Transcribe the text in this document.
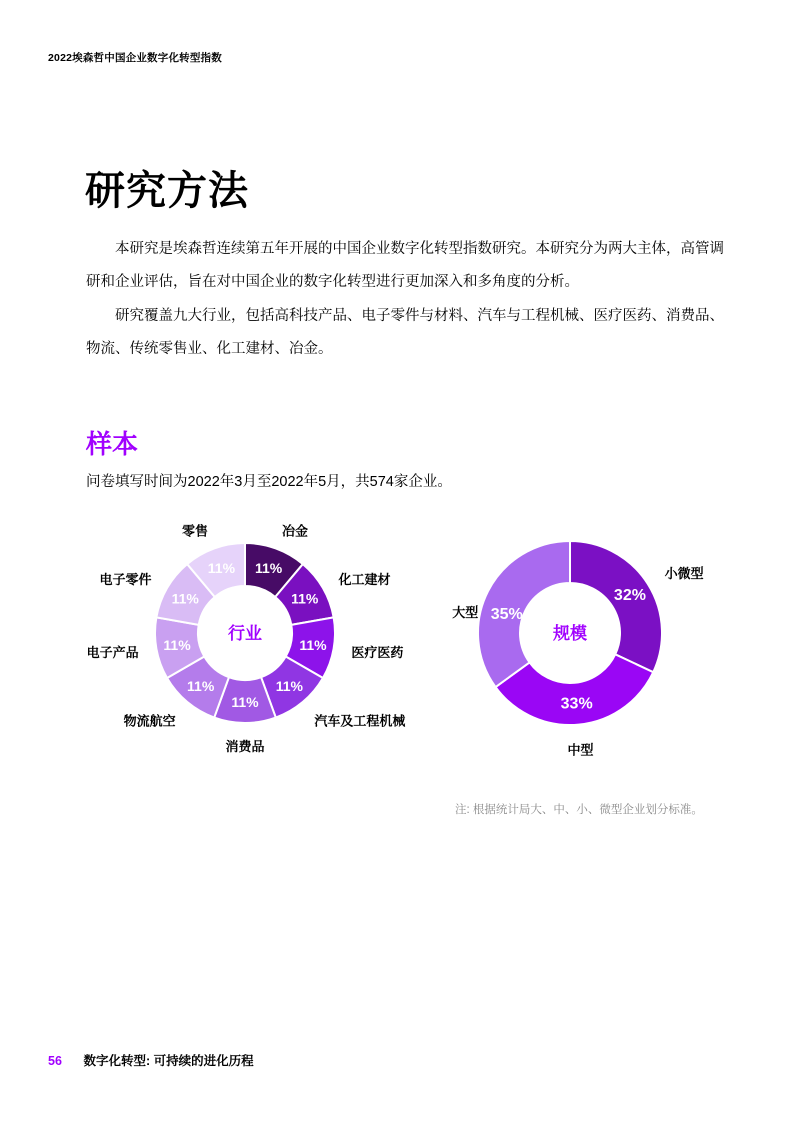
2022埃森哲中国企业数字化转型指数
研究方法

本研究是埃森哲连续第五年开展的中国企业数字化转型指数研究。本研究分为两大主体，高管调研和企业评估，旨在对中国企业的数字化转型进行更加深入和多角度的分析。

研究覆盖九大行业，包括高科技产品、电子零件与材料、汽车与工程机械、医疗医药、消费品、物流、传统零售业、化工建材、冶金。

样本

问卷填写时间为2022年3月至2022年5月，共574家企业。

11%
冶金
11%
化工建材
11% 医疗医药
11%
汽车及工程机械
11%
消费品
11%
物流航空
11%
电子产品
11%
电子零件
11%
零售
行业
32%
小微型
33%
中型
35%
大型
规模

注: 根据统计局大、中、小、微型企业划分标准。

56 数字化转型: 可持续的进化历程
